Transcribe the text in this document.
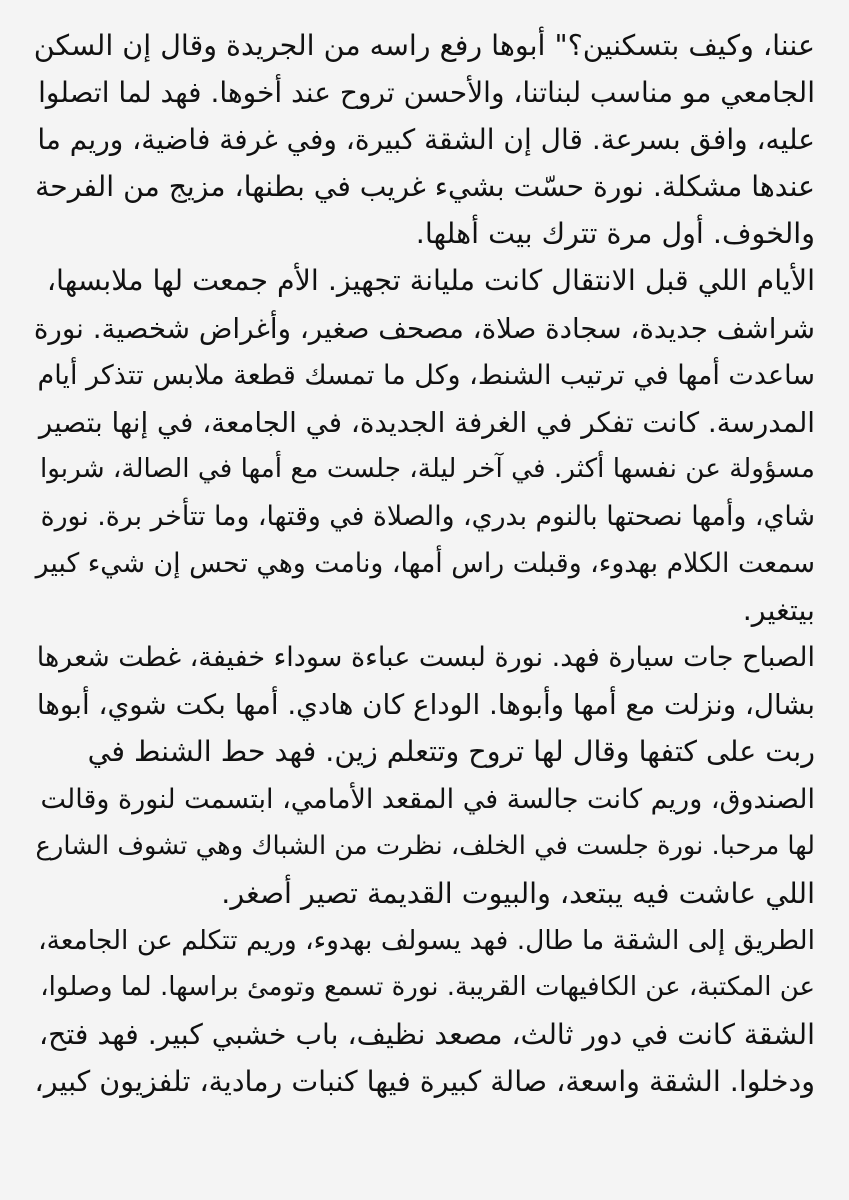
عننا، وكيف بتسكنين؟" أبوها رفع راسه من الجريدة وقال إن السكن
الجامعي مو مناسب لبناتنا، والأحسن تروح عند أخوها. فهد لما اتصلوا
عليه، وافق بسرعة. قال إن الشقة كبيرة، وفي غرفة فاضية، وريم ما
عندها مشكلة. نورة حسّت بشيء غريب في بطنها، مزيج من الفرحة
والخوف. أول مرة تترك بيت أهلها.

الأيام اللي قبل الانتقال كانت مليانة تجهيز. الأم جمعت لها ملابسها،
شراشف جديدة، سجادة صلاة، مصحف صغير، وأغراض شخصية. نورة
ساعدت أمها في ترتيب الشنط، وكل ما تمسك قطعة ملابس تتذكر أيام
المدرسة. كانت تفكر في الغرفة الجديدة، في الجامعة، في إنها بتصير
مسؤولة عن نفسها أكثر. في آخر ليلة، جلست مع أمها في الصالة، شربوا
شاي، وأمها نصحتها بالنوم بدري، والصلاة في وقتها، وما تتأخر برة. نورة
سمعت الكلام بهدوء، وقبلت راس أمها، ونامت وهي تحس إن شيء كبير
بيتغير.

الصباح جات سيارة فهد. نورة لبست عباءة سوداء خفيفة، غطت شعرها
بشال، ونزلت مع أمها وأبوها. الوداع كان هادي. أمها بكت شوي، أبوها
ربت على كتفها وقال لها تروح وتتعلم زين. فهد حط الشنط في
الصندوق، وريم كانت جالسة في المقعد الأمامي، ابتسمت لنورة وقالت
لها مرحبا. نورة جلست في الخلف، نظرت من الشباك وهي تشوف الشارع
اللي عاشت فيه يبتعد، والبيوت القديمة تصير أصغر.

الطريق إلى الشقة ما طال. فهد يسولف بهدوء، وريم تتكلم عن الجامعة،
عن المكتبة، عن الكافيهات القريبة. نورة تسمع وتومئ براسها. لما وصلوا،
الشقة كانت في دور ثالث، مصعد نظيف، باب خشبي كبير. فهد فتح،
ودخلوا. الشقة واسعة، صالة كبيرة فيها كنبات رمادية، تلفزيون كبير،
